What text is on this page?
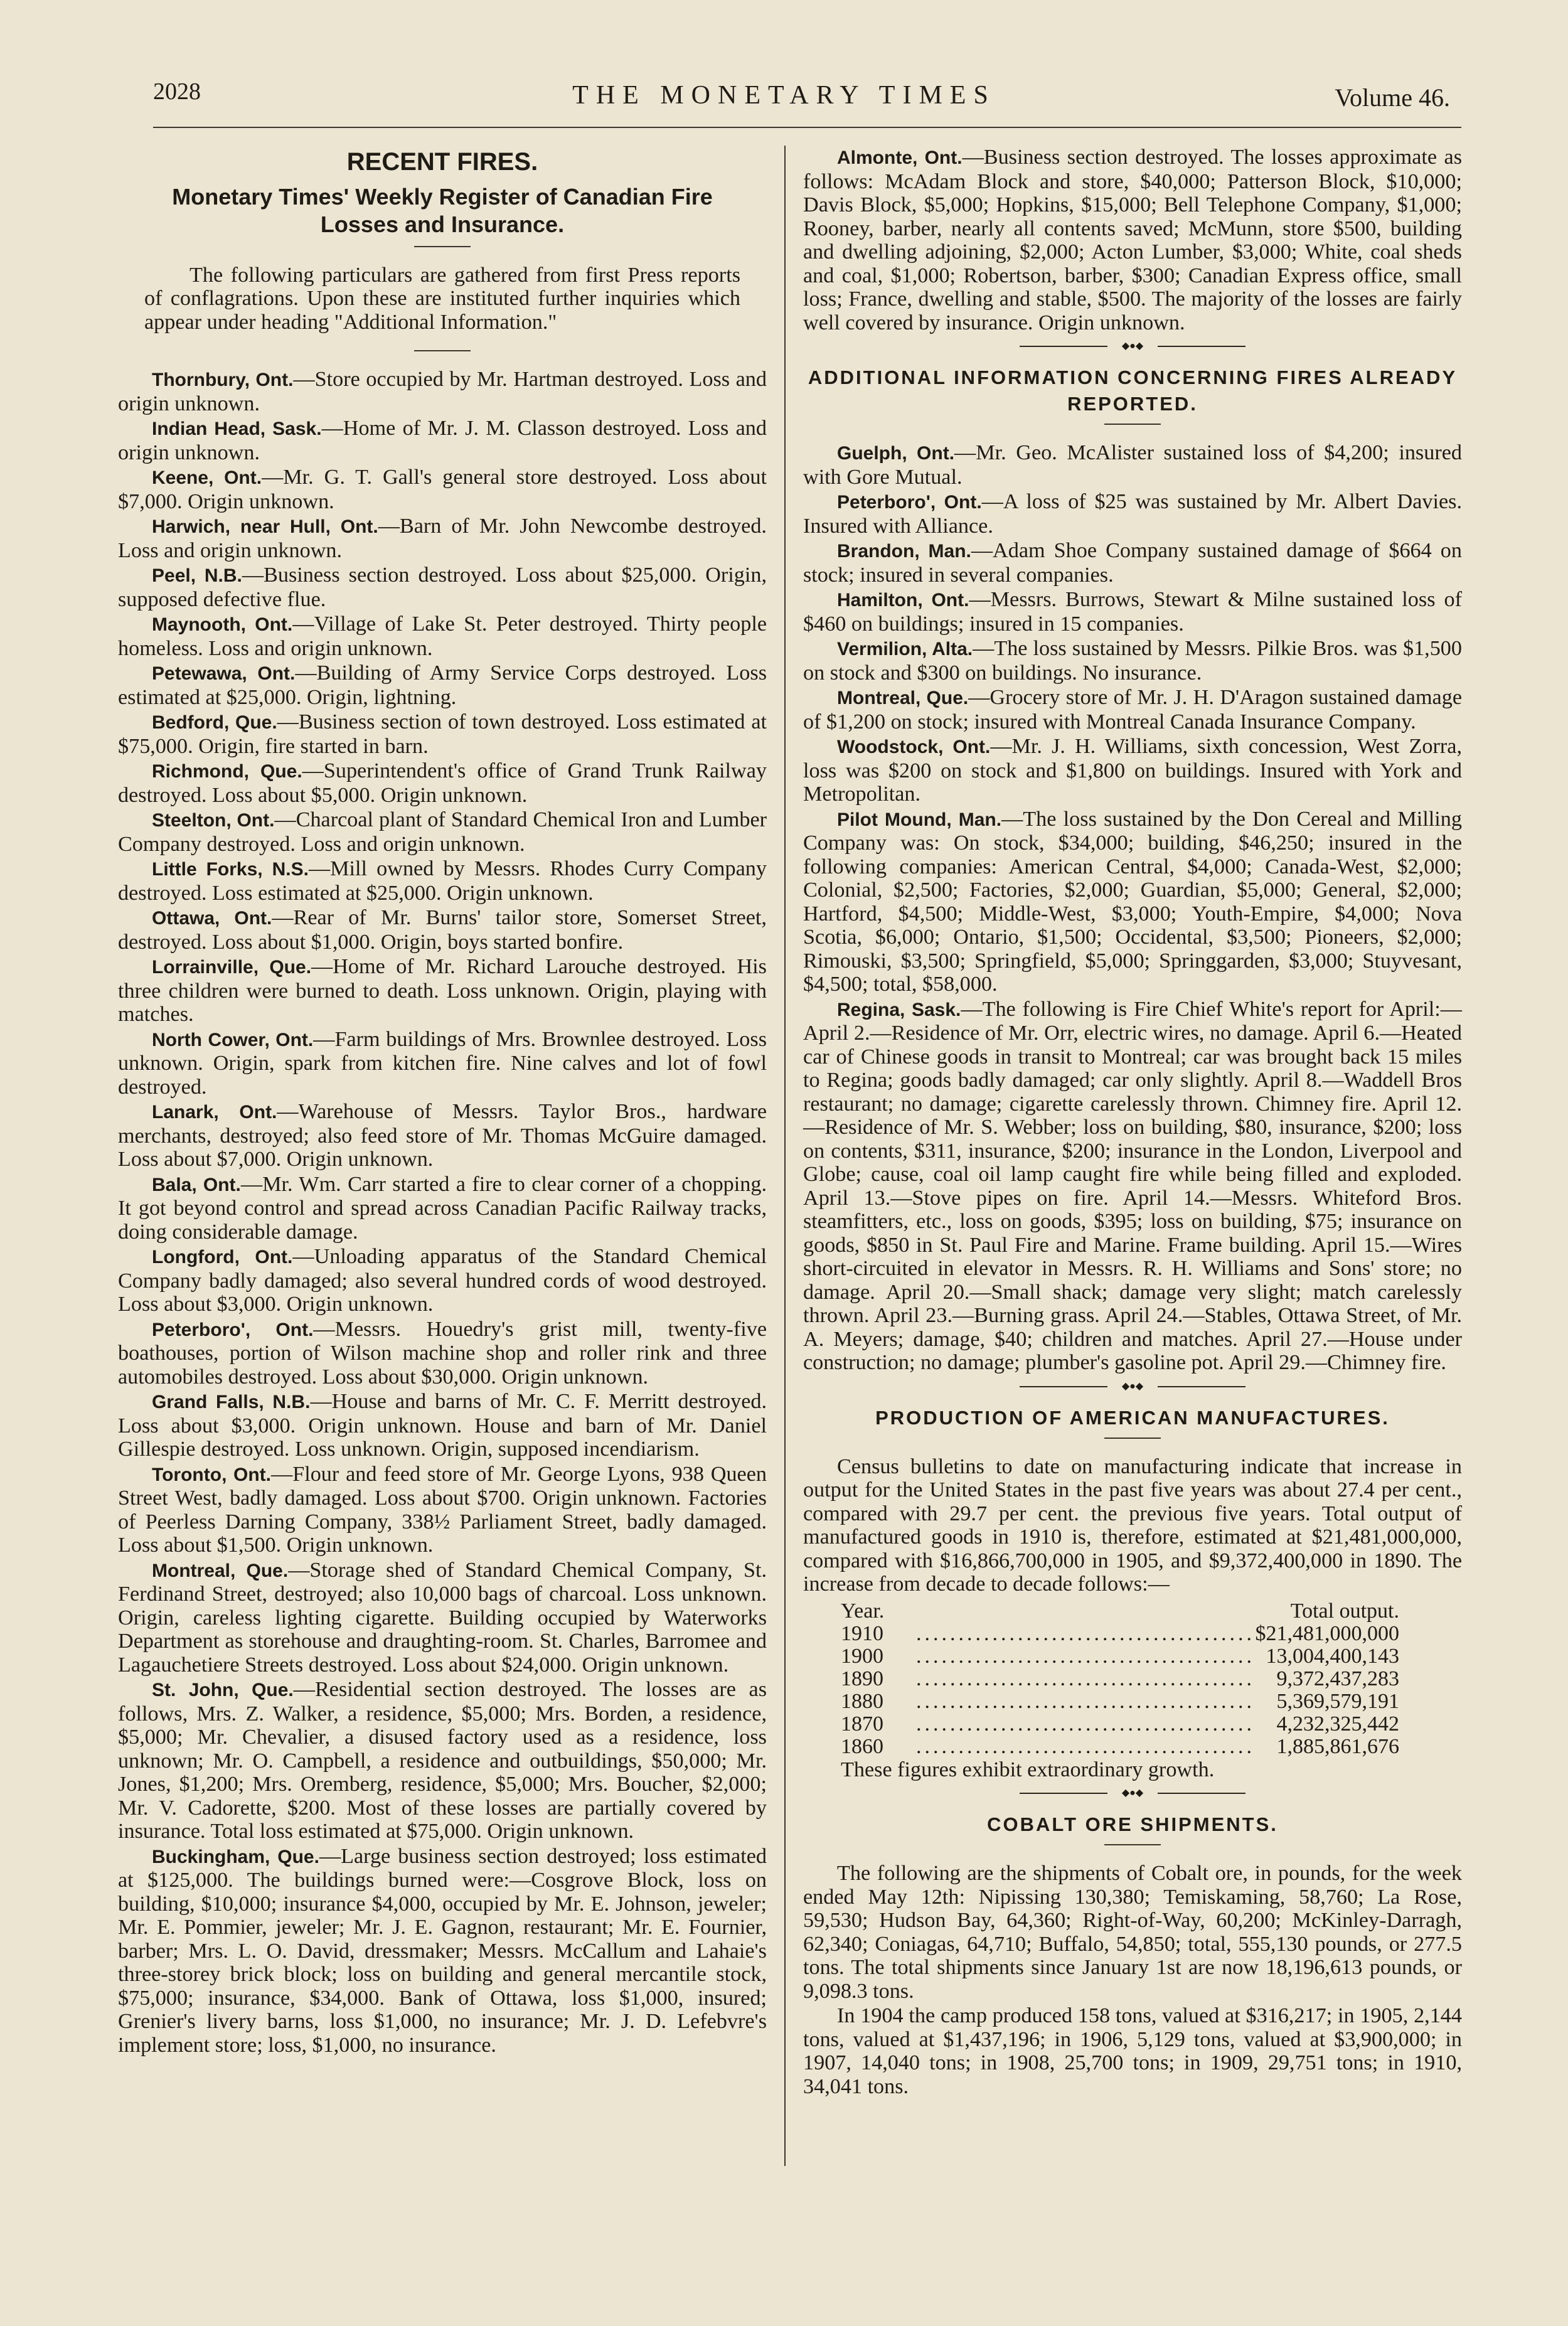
2028	THE MONETARY TIMES	Volume 46.
RECENT FIRES.
Monetary Times' Weekly Register of Canadian Fire Losses and Insurance.
The following particulars are gathered from first Press reports of conflagrations. Upon these are instituted further inquiries which appear under heading "Additional Information."

Thornbury, Ont.—Store occupied by Mr. Hartman destroyed. Loss and origin unknown.

Indian Head, Sask.—Home of Mr. J. M. Classon destroyed. Loss and origin unknown.

Keene, Ont.—Mr. G. T. Gall's general store destroyed. Loss about $7,000. Origin unknown.

Harwich, near Hull, Ont.—Barn of Mr. John Newcombe destroyed. Loss and origin unknown.

Peel, N.B.—Business section destroyed. Loss about $25,000. Origin, supposed defective flue.

Maynooth, Ont.—Village of Lake St. Peter destroyed. Thirty people homeless. Loss and origin unknown.

Petewawa, Ont.—Building of Army Service Corps destroyed. Loss estimated at $25,000. Origin, lightning.

Bedford, Que.—Business section of town destroyed. Loss estimated at $75,000. Origin, fire started in barn.

Richmond, Que.—Superintendent's office of Grand Trunk Railway destroyed. Loss about $5,000. Origin unknown.

Steelton, Ont.—Charcoal plant of Standard Chemical Iron and Lumber Company destroyed. Loss and origin unknown.

Little Forks, N.S.—Mill owned by Messrs. Rhodes Curry Company destroyed. Loss estimated at $25,000. Origin unknown.

Ottawa, Ont.—Rear of Mr. Burns' tailor store, Somerset Street, destroyed. Loss about $1,000. Origin, boys started bonfire.

Lorrainville, Que.—Home of Mr. Richard Larouche destroyed. His three children were burned to death. Loss unknown. Origin, playing with matches.

North Cower, Ont.—Farm buildings of Mrs. Brownlee destroyed. Loss unknown. Origin, spark from kitchen fire. Nine calves and lot of fowl destroyed.

Lanark, Ont.—Warehouse of Messrs. Taylor Bros., hardware merchants, destroyed; also feed store of Mr. Thomas McGuire damaged. Loss about $7,000. Origin unknown.

Bala, Ont.—Mr. Wm. Carr started a fire to clear corner of a chopping. It got beyond control and spread across Canadian Pacific Railway tracks, doing considerable damage.

Longford, Ont.—Unloading apparatus of the Standard Chemical Company badly damaged; also several hundred cords of wood destroyed. Loss about $3,000. Origin unknown.

Peterboro', Ont.—Messrs. Houedry's grist mill, twenty-five boathouses, portion of Wilson machine shop and roller rink and three automobiles destroyed. Loss about $30,000. Origin unknown.

Grand Falls, N.B.—House and barns of Mr. C. F. Merritt destroyed. Loss about $3,000. Origin unknown. House and barn of Mr. Daniel Gillespie destroyed. Loss unknown. Origin, supposed incendiarism.

Toronto, Ont.—Flour and feed store of Mr. George Lyons, 938 Queen Street West, badly damaged. Loss about $700. Origin unknown. Factories of Peerless Darning Company, 338½ Parliament Street, badly damaged. Loss about $1,500. Origin unknown.

Montreal, Que.—Storage shed of Standard Chemical Company, St. Ferdinand Street, destroyed; also 10,000 bags of charcoal. Loss unknown. Origin, careless lighting cigarette. Building occupied by Waterworks Department as storehouse and draughting-room. St. Charles, Barromee and Lagauchetiere Streets destroyed. Loss about $24,000. Origin unknown.

St. John, Que.—Residential section destroyed. The losses are as follows, Mrs. Z. Walker, a residence, $5,000; Mrs. Borden, a residence, $5,000; Mr. Chevalier, a disused factory used as a residence, loss unknown; Mr. O. Campbell, a residence and outbuildings, $50,000; Mr. Jones, $1,200; Mrs. Oremberg, residence, $5,000; Mrs. Boucher, $2,000; Mr. V. Cadorette, $200. Most of these losses are partially covered by insurance. Total loss estimated at $75,000. Origin unknown.

Buckingham, Que.—Large business section destroyed; loss estimated at $125,000. The buildings burned were:—Cosgrove Block, loss on building, $10,000; insurance $4,000, occupied by Mr. E. Johnson, jeweler; Mr. E. Pommier, jeweler; Mr. J. E. Gagnon, restaurant; Mr. E. Fournier, barber; Mrs. L. O. David, dressmaker; Messrs. McCallum and Lahaie's three-storey brick block; loss on building and general mercantile stock, $75,000; insurance, $34,000. Bank of Ottawa, loss $1,000, insured; Grenier's livery barns, loss $1,000, no insurance; Mr. J. D. Lefebvre's implement store; loss, $1,000, no insurance.

Almonte, Ont.—Business section destroyed. The losses approximate as follows: McAdam Block and store, $40,000; Patterson Block, $10,000; Davis Block, $5,000; Hopkins, $15,000; Bell Telephone Company, $1,000; Rooney, barber, nearly all contents saved; McMunn, store $500, building and dwelling adjoining, $2,000; Acton Lumber, $3,000; White, coal sheds and coal, $1,000; Robertson, barber, $300; Canadian Express office, small loss; France, dwelling and stable, $500. The majority of the losses are fairly well covered by insurance. Origin unknown.

◆●◆
ADDITIONAL INFORMATION CONCERNING FIRES ALREADY REPORTED.

Guelph, Ont.—Mr. Geo. McAlister sustained loss of $4,200; insured with Gore Mutual.

Peterboro', Ont.—A loss of $25 was sustained by Mr. Albert Davies. Insured with Alliance.

Brandon, Man.—Adam Shoe Company sustained damage of $664 on stock; insured in several companies.

Hamilton, Ont.—Messrs. Burrows, Stewart & Milne sustained loss of $460 on buildings; insured in 15 companies.

Vermilion, Alta.—The loss sustained by Messrs. Pilkie Bros. was $1,500 on stock and $300 on buildings. No insurance.

Montreal, Que.—Grocery store of Mr. J. H. D'Aragon sustained damage of $1,200 on stock; insured with Montreal Canada Insurance Company.

Woodstock, Ont.—Mr. J. H. Williams, sixth concession, West Zorra, loss was $200 on stock and $1,800 on buildings. Insured with York and Metropolitan.

Pilot Mound, Man.—The loss sustained by the Don Cereal and Milling Company was: On stock, $34,000; building, $46,250; insured in the following companies: American Central, $4,000; Canada-West, $2,000; Colonial, $2,500; Factories, $2,000; Guardian, $5,000; General, $2,000; Hartford, $4,500; Middle-West, $3,000; Youth-Empire, $4,000; Nova Scotia, $6,000; Ontario, $1,500; Occidental, $3,500; Pioneers, $2,000; Rimouski, $3,500; Springfield, $5,000; Springgarden, $3,000; Stuyvesant, $4,500; total, $58,000.

Regina, Sask.—The following is Fire Chief White's report for April:—April 2.—Residence of Mr. Orr, electric wires, no damage. April 6.—Heated car of Chinese goods in transit to Montreal; car was brought back 15 miles to Regina; goods badly damaged; car only slightly. April 8.—Waddell Bros restaurant; no damage; cigarette carelessly thrown. Chimney fire. April 12.—Residence of Mr. S. Webber; loss on building, $80, insurance, $200; loss on contents, $311, insurance, $200; insurance in the London, Liverpool and Globe; cause, coal oil lamp caught fire while being filled and exploded. April 13.—Stove pipes on fire. April 14.—Messrs. Whiteford Bros. steamfitters, etc., loss on goods, $395; loss on building, $75; insurance on goods, $850 in St. Paul Fire and Marine. Frame building. April 15.—Wires short-circuited in elevator in Messrs. R. H. Williams and Sons' store; no damage. April 20.—Small shack; damage very slight; match carelessly thrown. April 23.—Burning grass. April 24.—Stables, Ottawa Street, of Mr. A. Meyers; damage, $40; children and matches. April 27.—House under construction; no damage; plumber's gasoline pot. April 29.—Chimney fire.

◆●◆
PRODUCTION OF AMERICAN MANUFACTURES.

Census bulletins to date on manufacturing indicate that increase in output for the United States in the past five years was about 27.4 per cent., compared with 29.7 per cent. the previous five years. Total output of manufactured goods in 1910 is, therefore, estimated at $21,481,000,000, compared with $16,866,700,000 in 1905, and $9,372,400,000 in 1890. The increase from decade to decade follows:—

Year.		Total output.
1910	........................................	$21,481,000,000
1900	........................................	13,004,400,143
1890	........................................	9,372,437,283
1880	........................................	5,369,579,191
1870	........................................	4,232,325,442
1860	........................................	1,885,861,676
These figures exhibit extraordinary growth.
◆●◆
COBALT ORE SHIPMENTS.

The following are the shipments of Cobalt ore, in pounds, for the week ended May 12th: Nipissing 130,380; Temiskaming, 58,760; La Rose, 59,530; Hudson Bay, 64,360; Right-of-Way, 60,200; McKinley-Darragh, 62,340; Coniagas, 64,710; Buffalo, 54,850; total, 555,130 pounds, or 277.5 tons. The total shipments since January 1st are now 18,196,613 pounds, or 9,098.3 tons.

In 1904 the camp produced 158 tons, valued at $316,217; in 1905, 2,144 tons, valued at $1,437,196; in 1906, 5,129 tons, valued at $3,900,000; in 1907, 14,040 tons; in 1908, 25,700 tons; in 1909, 29,751 tons; in 1910, 34,041 tons.
